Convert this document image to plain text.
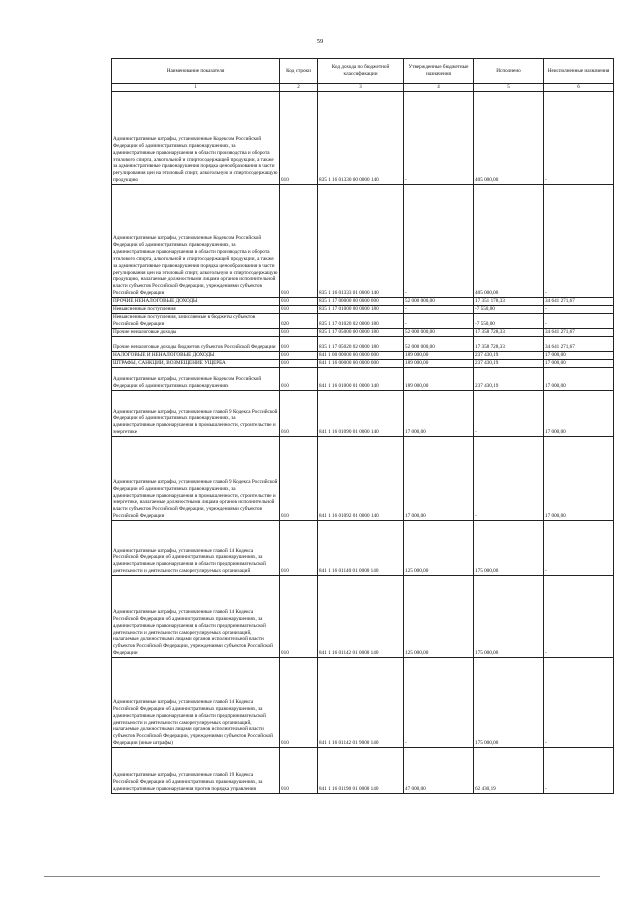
59
Наименование показателя	Код строки	Код дохода по бюджетной классификации	Утвержденные бюджетные назначения	Исполнено	Неисполненные назначения
1	2	3	4	5	6
Административные штрафы, установленные Кодексом Российской Федерации об административных правонарушениях, за административные правонарушения в области производства и оборота этилового спирта, алкогольной и спиртосодержащей продукции, а также за административные правонарушения порядка ценообразования в части регулирования цен на этиловый спирт, алкогольную и спиртосодержащую продукцию	010	835 1 16 01330 00 0000 140	-	405 000,00	-
Административные штрафы, установленные Кодексом Российской Федерации об административных правонарушениях, за административные правонарушения в области производства и оборота этилового спирта, алкогольной и спиртосодержащей продукции, а также за административные правонарушения порядка ценообразования в части регулирования цен на этиловый спирт, алкогольную и спиртосодержащую продукцию, налагаемые должностными лицами органов исполнительной власти субъектов Российской Федерации, учреждениями субъектов Российской Федерации	010	835 1 16 01333 01 0000 140	-	405 000,00	-
ПРОЧИЕ НЕНАЛОГОВЫЕ ДОХОДЫ	010	835 1 17 00000 00 0000 000	52 000 000,00	17 351 178,33	34 641 271,67
Невыясненные поступления	010	835 1 17 01000 00 0000 180	-	-7 550,00	-
Невыясненные поступления, зачисляемые в бюджеты субъектов Российской Федерации	020	835 1 17 01020 02 0000 180	-	-7 550,00	-
Прочие неналоговые доходы	010	835 1 17 05000 00 0000 180	52 000 000,00	17 358 728,33	34 641 271,67
Прочие неналоговые доходы бюджетов субъектов Российской Федерации	010	835 1 17 05020 02 0000 180	52 000 000,00	17 358 728,33	34 641 271,67
НАЛОГОВЫЕ И НЕНАЛОГОВЫЕ ДОХОДЫ	010	841 1 00 00000 00 0000 000	189 000,00	237 430,19	17 000,00
ШТРАФЫ, САНКЦИИ, ВОЗМЕЩЕНИЕ УЩЕРБА	010	841 1 16 00000 00 0000 000	189 000,00	237 430,19	17 000,00
Административные штрафы, установленные Кодексом Российской Федерации об административных правонарушениях	010	841 1 16 01000 01 0000 140	189 000,00	237 430,19	17 000,00
Административные штрафы, установленные главой 9 Кодекса Российской Федерации об административных правонарушениях, за административные правонарушения в промышленности, строительстве и энергетике	010	841 1 16 01090 01 0000 140	17 000,00	-	17 000,00
Административные штрафы, установленные главой 9 Кодекса Российской Федерации об административных правонарушениях, за административные правонарушения в промышленности, строительстве и энергетике, налагаемые должностными лицами органов исполнительной власти субъектов Российской Федерации, учреждениями субъектов Российской Федерации	010	841 1 16 01092 01 0000 140	17 000,00	-	17 000,00
Административные штрафы, установленные главой 14 Кодекса Российской Федерации об административных правонарушениях, за административные правонарушения в области предпринимательской деятельности и деятельности саморегулируемых организаций	010	841 1 16 01140 01 0000 140	125 000,00	175 000,00	-
Административные штрафы, установленные главой 14 Кодекса Российской Федерации об административных правонарушениях, за административные правонарушения в области предпринимательской деятельности и деятельности саморегулируемых организаций, налагаемые должностными лицами органов исполнительной власти субъектов Российской Федерации, учреждениями субъектов Российской Федерации	010	841 1 16 01142 01 0000 140	125 000,00	175 000,00	-
Административные штрафы, установленные главой 14 Кодекса Российской Федерации об административных правонарушениях, за административные правонарушения в области предпринимательской деятельности и деятельности саморегулируемых организаций, налагаемые должностными лицами органов исполнительной власти субъектов Российской Федерации, учреждениями субъектов Российской Федерации (иные штрафы)	010	841 1 16 01142 01 9000 140	-	175 000,00	-
Административные штрафы, установленные главой 19 Кодекса Российской Федерации об административных правонарушениях, за административные правонарушения против порядка управления	010	841 1 16 01190 01 0000 140	47 000,00	62 430,19	-
